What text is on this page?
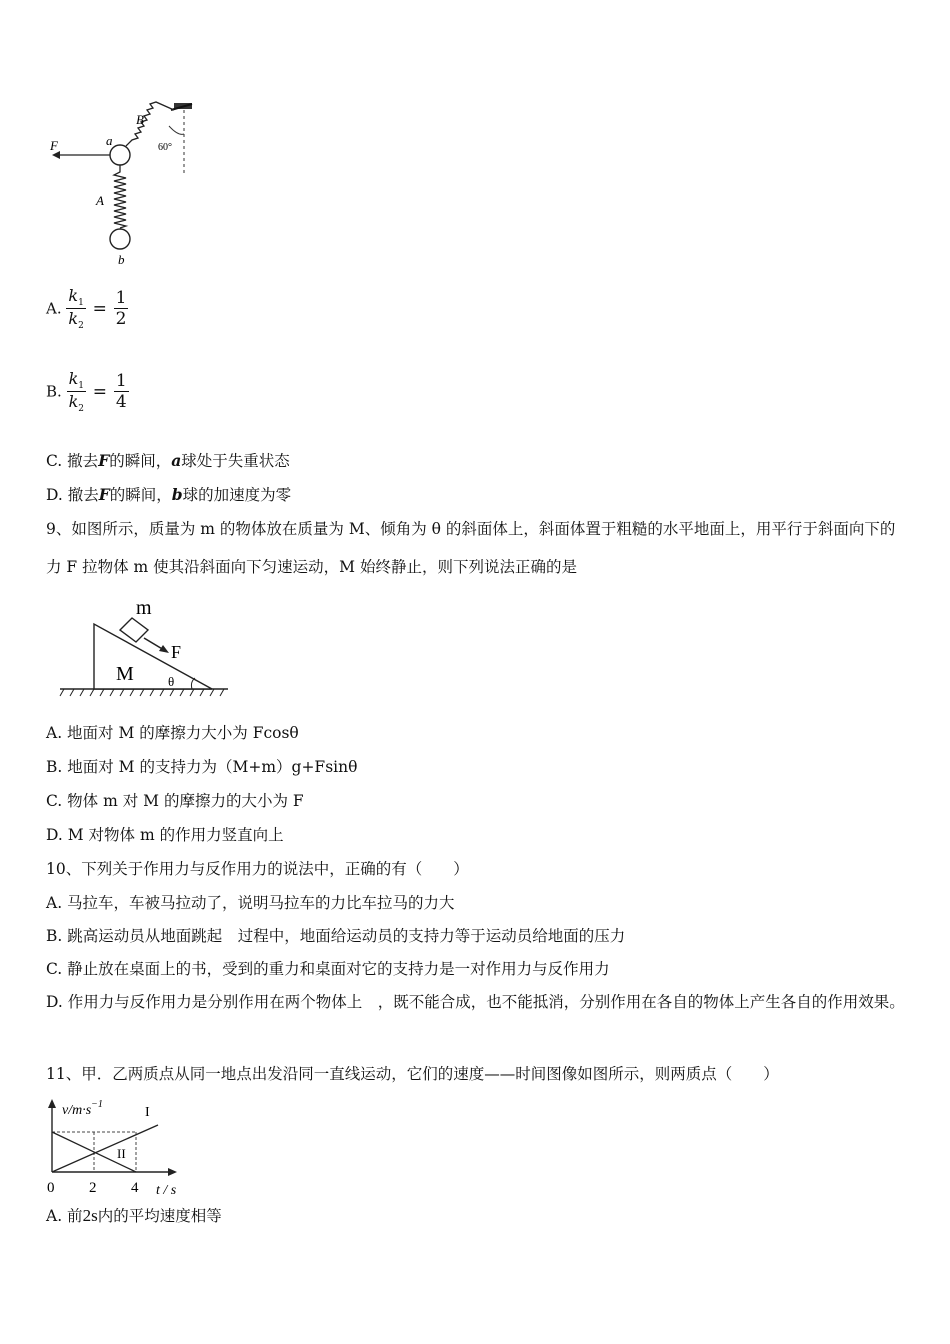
F	a
B
60°
A
b
A. $\frac{k_1}{k_2} = \frac{1}{2}$
B. $\frac{k_1}{k_2} = \frac{1}{4}$
C. 撤去F的瞬间，a球处于失重状态
D. 撤去F的瞬间，b球的加速度为零
9、如图所示，质量为 m 的物体放在质量为 M、倾角为 θ 的斜面体上，斜面体置于粗糙的水平地面上，用平行于斜面向下的力 F 拉物体 m 使其沿斜面向下匀速运动，M 始终静止，则下列说法正确的是
m
F
M	θ
A. 地面对 M 的摩擦力大小为 Fcosθ
B. 地面对 M 的支持力为（M+m）g+Fsinθ
C. 物体 m 对 M 的摩擦力的大小为 F
D. M 对物体 m 的作用力竖直向上
10、下列关于作用力与反作用力的说法中，正确的有（　　）
A. 马拉车，车被马拉动了，说明马拉车的力比车拉马的力大
B. 跳高运动员从地面跳起　过程中，地面给运动员的支持力等于运动员给地面的压力
C. 静止放在桌面上的书，受到的重力和桌面对它的支持力是一对作用力与反作用力
D. 作用力与反作用力是分别作用在两个物体上　，既不能合成，也不能抵消，分别作用在各自的物体上产生各自的作用效果。
11、甲．乙两质点从同一地点出发沿同一直线运动，它们的速度——时间图像如图所示，则两质点（　　）
$v/m\cdot s^{-1}$
I
II
0 2 4 t / s
A. 前2s内的平均速度相等
